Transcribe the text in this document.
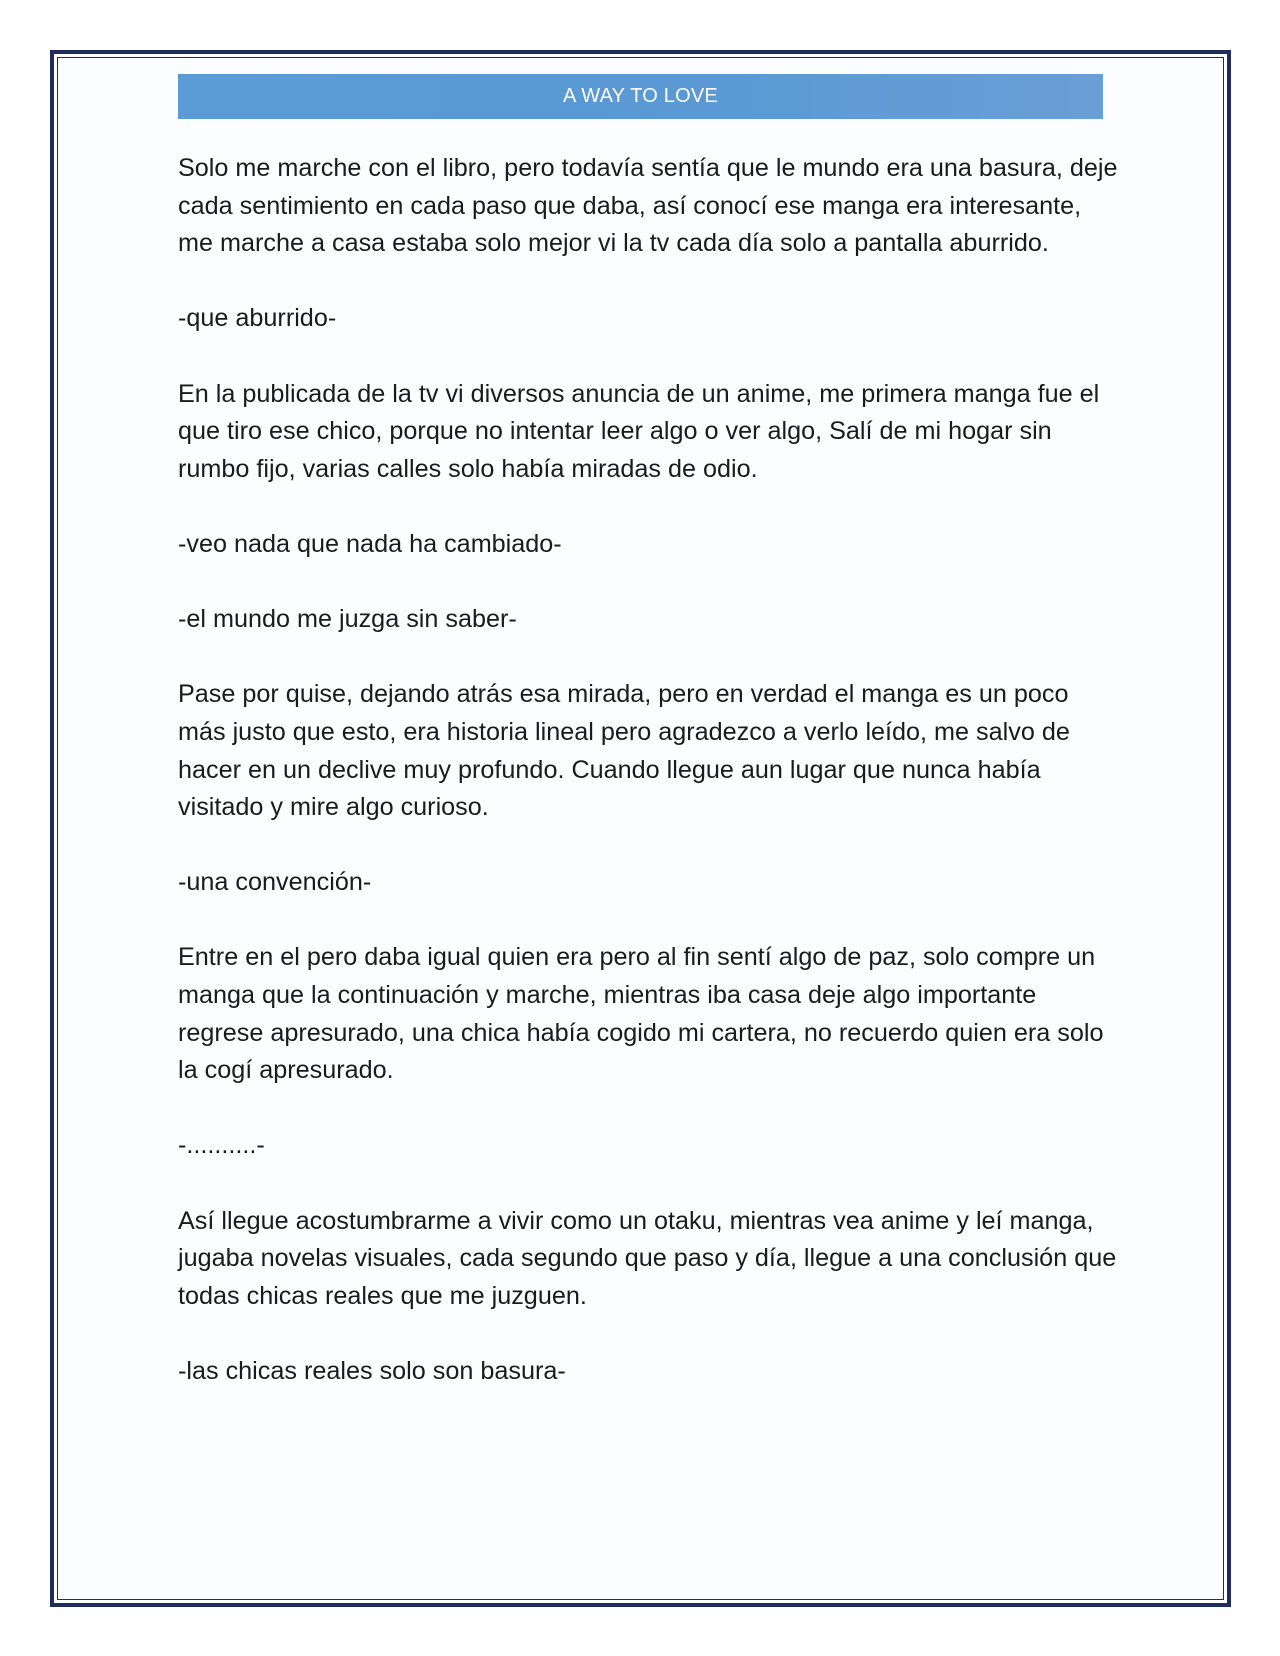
A WAY TO LOVE

Solo me marche con el libro, pero todavía sentía que le mundo era una basura, deje cada sentimiento en cada paso que daba, así conocí ese manga era interesante, me marche a casa estaba solo mejor vi la tv cada día solo a pantalla aburrido.

-que aburrido-

En la publicada de la tv vi diversos anuncia de un anime, me primera manga fue el que tiro ese chico, porque no intentar leer algo o ver algo, Salí de mi hogar sin rumbo fijo, varias calles solo había miradas de odio.

-veo nada que nada ha cambiado-

-el mundo me juzga sin saber-

Pase por quise, dejando atrás esa mirada, pero en verdad el manga es un poco más justo que esto, era historia lineal pero agradezco a verlo leído, me salvo de hacer en un declive muy profundo. Cuando llegue aun lugar que nunca había visitado y mire algo curioso.

-una convención-

Entre en el pero daba igual quien era pero al fin sentí algo de paz, solo compre un manga que la continuación y marche, mientras iba casa deje algo importante regrese apresurado, una chica había cogido mi cartera, no recuerdo quien era solo la cogí apresurado.

-..........-

Así llegue acostumbrarme a vivir como un otaku, mientras vea anime y leí manga, jugaba novelas visuales, cada segundo que paso y día, llegue a una conclusión que todas chicas reales que me juzguen.

-las chicas reales solo son basura-
